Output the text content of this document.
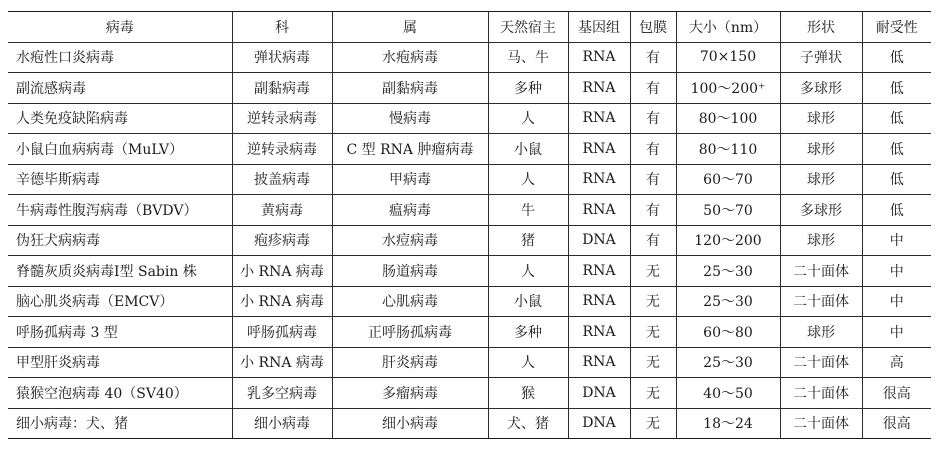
病毒	科	属	天然宿主	基因组	包膜	大小（nm）	形状	耐受性
水疱性口炎病毒	弹状病毒	水疱病毒	马、牛	RNA	有	70×150	子弹状	低
副流感病毒	副黏病毒	副黏病毒	多种	RNA	有	100～200⁺	多球形	低
人类免疫缺陷病毒	逆转录病毒	慢病毒	人	RNA	有	80～100	球形	低
小鼠白血病病毒（MuLV）	逆转录病毒	C 型 RNA 肿瘤病毒	小鼠	RNA	有	80～110	球形	低
辛德毕斯病毒	披盖病毒	甲病毒	人	RNA	有	60～70	球形	低
牛病毒性腹泻病毒（BVDV）	黄病毒	瘟病毒	牛	RNA	有	50～70	多球形	低
伪狂犬病病毒	疱疹病毒	水痘病毒	猪	DNA	有	120～200	球形	中
脊髓灰质炎病毒Ⅰ型 Sabin 株	小 RNA 病毒	肠道病毒	人	RNA	无	25～30	二十面体	中
脑心肌炎病毒（EMCV）	小 RNA 病毒	心肌病毒	小鼠	RNA	无	25～30	二十面体	中
呼肠孤病毒 3 型	呼肠孤病毒	正呼肠孤病毒	多种	RNA	无	60～80	球形	中
甲型肝炎病毒	小 RNA 病毒	肝炎病毒	人	RNA	无	25～30	二十面体	高
猿猴空泡病毒 40（SV40）	乳多空病毒	多瘤病毒	猴	DNA	无	40～50	二十面体	很高
细小病毒：犬、猪	细小病毒	细小病毒	犬、猪	DNA	无	18～24	二十面体	很高
